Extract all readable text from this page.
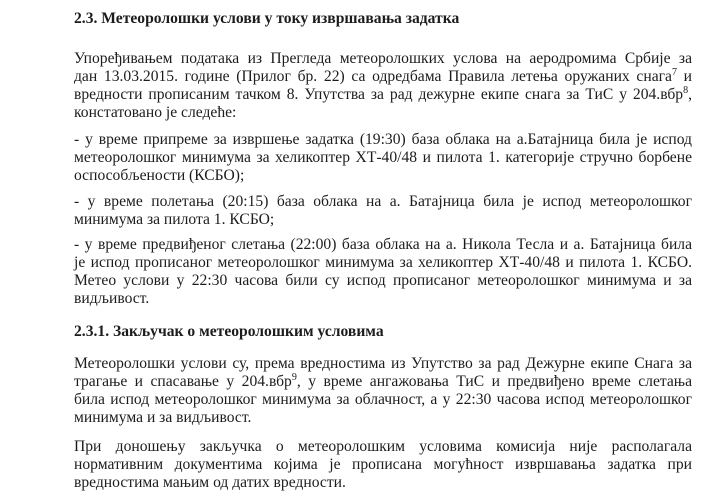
2.3. Метеоролошки услови у току извршавања задатка
Упоређивањем података из Прегледа метеоролошких услова на аеродромима Србије за
дан 13.03.2015. године (Прилог бр. 22) са одредбама Правила летења оружаних снага$^7$ и
вредности прописаним тачком 8. Упутства за рад дежурне екипе снага за ТиС у 204.вбр$^8$,
констатовано је следеће:
- у време припреме за извршење задатка (19:30) база облака на а.Батајница била је испод
метеоролошког минимума за хеликоптер ХТ-40/48 и пилота 1. категорије стручно борбене
оспособљености (КСБО);
- у време полетања (20:15) база облака на а. Батајница била је испод метеоролошког
минимума за пилота 1. КСБО;
- у време предвиђеног слетања (22:00) база облака на а. Никола Тесла и а. Батајница била
је испод прописаног метеоролошког минимума за хеликоптер ХТ-40/48 и пилота 1. КСБО.
Метео услови у 22:30 часова били су испод прописаног метеоролошког минимума и за
видљивост.
2.3.1. Закључак о метеоролошким условима
Метеоролошки услови су, према вредностима из Упутство за рад Дежурне екипе Снага за
трагање и спасавање у 204.вбр$^9$, у време ангажовања ТиС и предвиђено време слетања
била испод метеоролошког минимума за облачност, а у 22:30 часова испод метеоролошког
минимума и за видљивост.
При доношењу закључка о метеоролошким условима комисија није располагала
нормативним документима којима је прописана могућност извршавања задатка при
вредностима мањим од датих вредности.
